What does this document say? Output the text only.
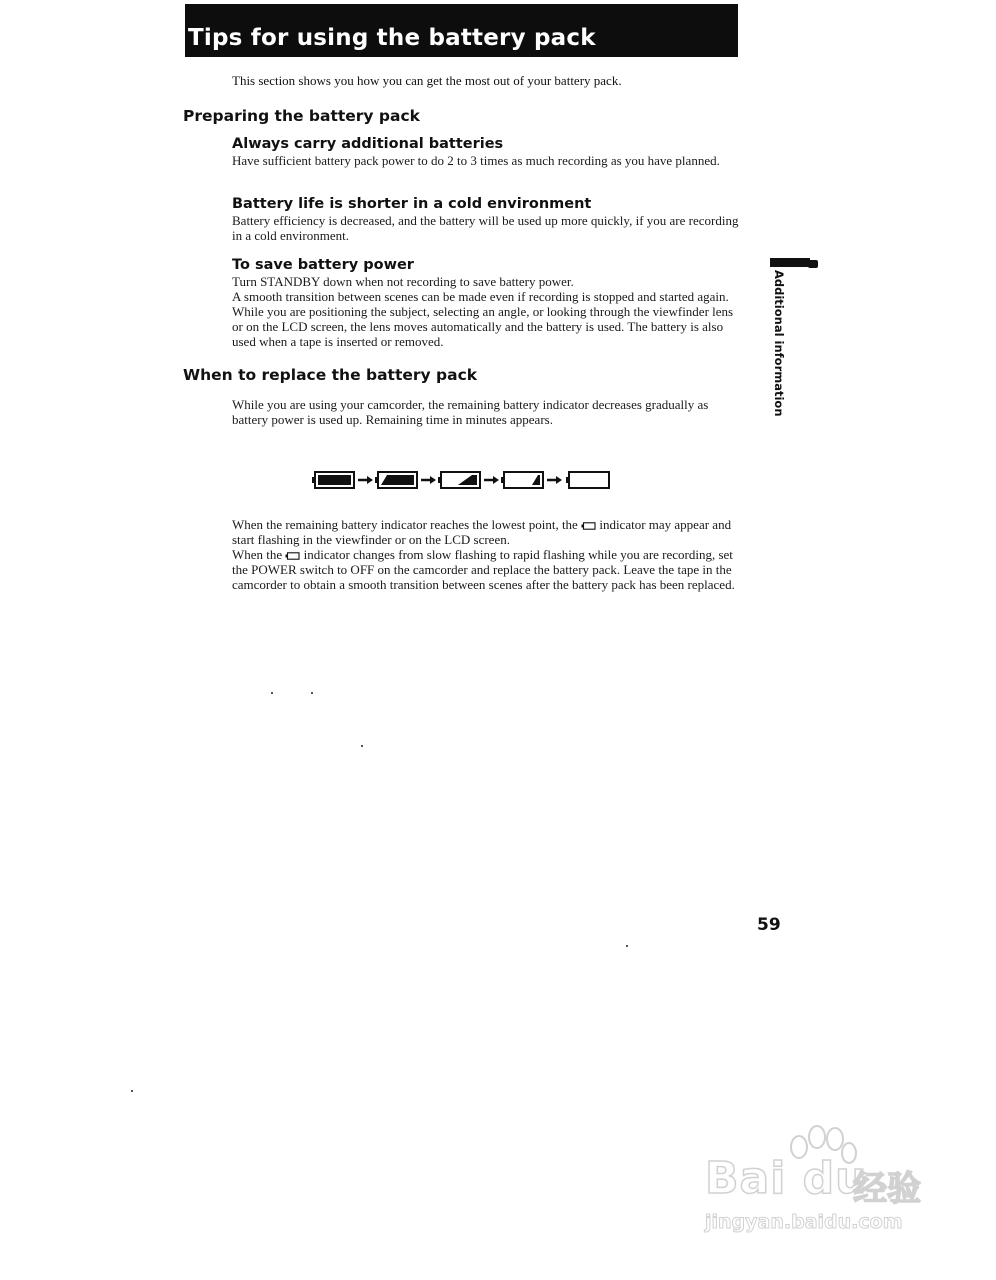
Tips for using the battery pack
This section shows you how you can get the most out of your battery pack.
Preparing the battery pack
Always carry additional batteries
Have sufficient battery pack power to do 2 to 3 times as much recording as you have planned.
Battery life is shorter in a cold environment
Battery efficiency is decreased, and the battery will be used up more quickly, if you are recording in a cold environment.
To save battery power

Turn STANDBY down when not recording to save battery power.

A smooth transition between scenes can be made even if recording is stopped and started again. While you are positioning the subject, selecting an angle, or looking through the viewfinder lens or on the LCD screen, the lens moves automatically and the battery is used. The battery is also used when a tape is inserted or removed.

When to replace the battery pack
While you are using your camcorder, the remaining battery indicator decreases gradually as battery power is used up. Remaining time in minutes appears.

When the remaining battery indicator reaches the lowest point, the indicator may appear and start flashing in the viewfinder or on the LCD screen.

When the indicator changes from slow flashing to rapid flashing while you are recording, set the POWER switch to OFF on the camcorder and replace the battery pack. Leave the tape in the camcorder to obtain a smooth transition between scenes after the battery pack has been replaced.

Additional information
59
Bai du
经验
jingyan.baidu.com
